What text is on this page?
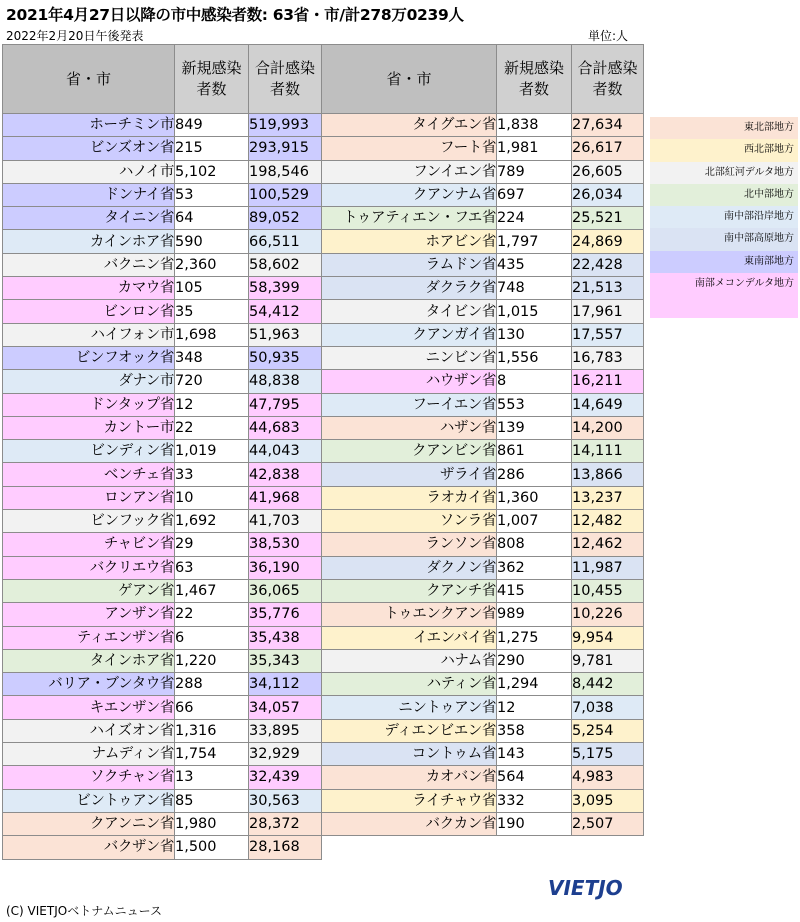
2021年4月27日以降の市中感染者数: 63省・市/計278万0239人
2022年2月20日午後発表	単位:人
省・市	新規感染者数	合計感染者数
ホーチミン市	849	519,993
ビンズオン省	215	293,915
ハノイ市	5,102	198,546
ドンナイ省	53	100,529
タイニン省	64	89,052
カインホア省	590	66,511
バクニン省	2,360	58,602
カマウ省	105	58,399
ビンロン省	35	54,412
ハイフォン市	1,698	51,963
ビンフオック省	348	50,935
ダナン市	720	48,838
ドンタップ省	12	47,795
カントー市	22	44,683
ビンディン省	1,019	44,043
ベンチェ省	33	42,838
ロンアン省	10	41,968
ビンフック省	1,692	41,703
チャビン省	29	38,530
バクリエウ省	63	36,190
ゲアン省	1,467	36,065
アンザン省	22	35,776
ティエンザン省	6	35,438
タインホア省	1,220	35,343
バリア・ブンタウ省	288	34,112
キエンザン省	66	34,057
ハイズオン省	1,316	33,895
ナムディン省	1,754	32,929
ソクチャン省	13	32,439
ビントゥアン省	85	30,563
クアンニン省	1,980	28,372
バクザン省	1,500	28,168
省・市	新規感染者数	合計感染者数
タイグエン省	1,838	27,634
フート省	1,981	26,617
フンイエン省	789	26,605
クアンナム省	697	26,034
トゥアティエン・フエ省	224	25,521
ホアビン省	1,797	24,869
ラムドン省	435	22,428
ダクラク省	748	21,513
タイビン省	1,015	17,961
クアンガイ省	130	17,557
ニンビン省	1,556	16,783
ハウザン省	8	16,211
フーイエン省	553	14,649
ハザン省	139	14,200
クアンビン省	861	14,111
ザライ省	286	13,866
ラオカイ省	1,360	13,237
ソンラ省	1,007	12,482
ランソン省	808	12,462
ダクノン省	362	11,987
クアンチ省	415	10,455
トゥエンクアン省	989	10,226
イエンバイ省	1,275	9,954
ハナム省	290	9,781
ハティン省	1,294	8,442
ニントゥアン省	12	7,038
ディエンビエン省	358	5,254
コントゥム省	143	5,175
カオバン省	564	4,983
ライチャウ省	332	3,095
バクカン省	190	2,507
東北部地方
西北部地方
北部紅河デルタ地方
北中部地方
南中部沿岸地方
南中部高原地方
東南部地方
南部メコンデルタ地方
VIETJO
(C) VIETJOベトナムニュース
